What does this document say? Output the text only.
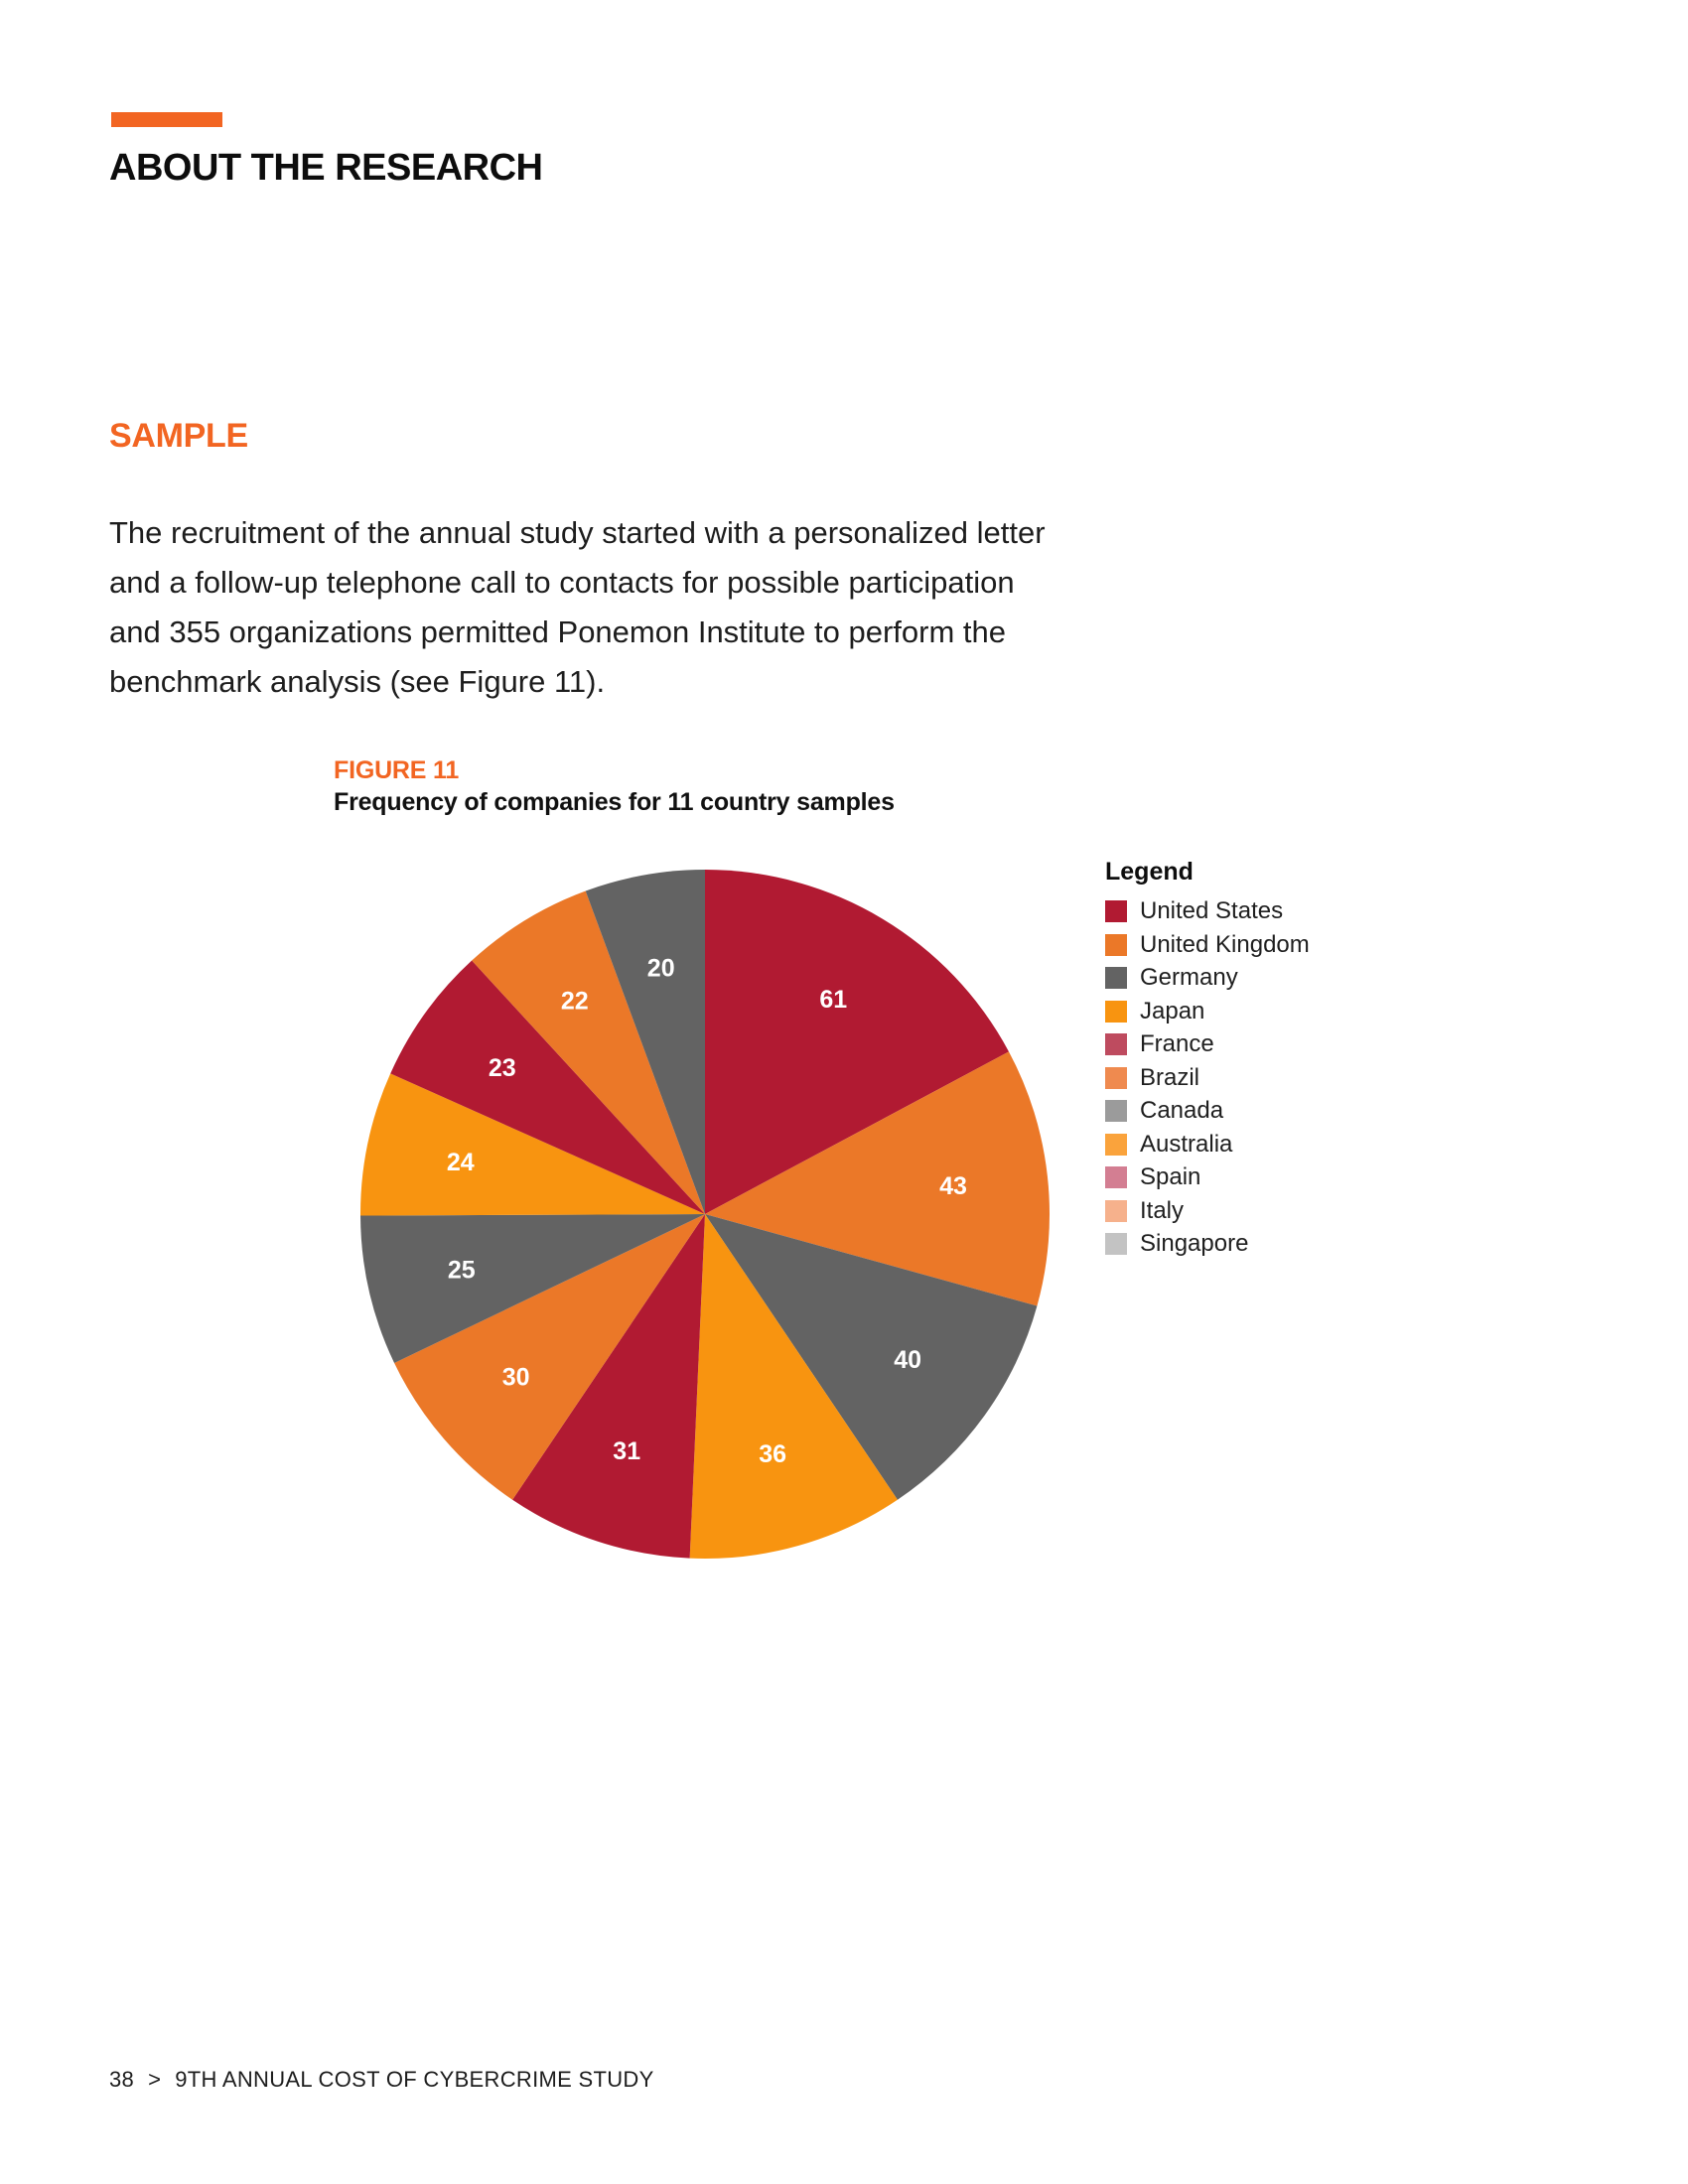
ABOUT THE RESEARCH
SAMPLE
The recruitment of the annual study started with a personalized letter
and a follow-up telephone call to contacts for possible participation
and 355 organizations permitted Ponemon Institute to perform the
benchmark analysis (see Figure 11).

FIGURE 11

Frequency of companies for 11 country samples

61
43
40
36
31
30
25
24
23
22
20

Legend

United States
United Kingdom
Germany
Japan
France
Brazil
Canada
Australia
Spain
Italy
Singapore
38 > 9TH ANNUAL COST OF CYBERCRIME STUDY
